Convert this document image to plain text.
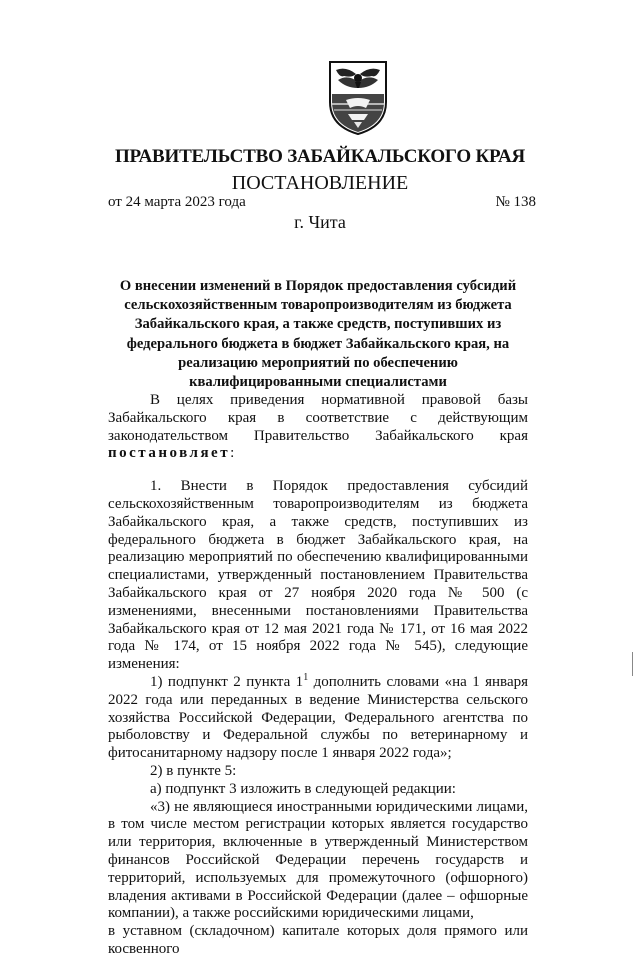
ПРАВИТЕЛЬСТВО ЗАБАЙКАЛЬСКОГО КРАЯ
ПОСТАНОВЛЕНИЕ
от 24 марта 2023 года	№ 138
г. Чита
О внесении изменений в Порядок предоставления субсидий сельскохозяйственным товаропроизводителям из бюджета Забайкальского края, а также средств, поступивших из федерального бюджета в бюджет Забайкальского края, на реализацию мероприятий по обеспечению квалифицированными специалистами

В целях приведения нормативной правовой базы Забайкальского края в соответствие с действующим законодательством Правительство Забайкальского края постановляет:

1. Внести в Порядок предоставления субсидий сельскохозяйственным товаропроизводителям из бюджета Забайкальского края, а также средств, поступивших из федерального бюджета в бюджет Забайкальского края, на реализацию мероприятий по обеспечению квалифицированными специалистами, утвержденный постановлением Правительства Забайкальского края от 27 ноября 2020 года № 500 (с изменениями, внесенными постановлениями Правительства Забайкальского края от 12 мая 2021 года № 171, от 16 мая 2022 года № 174, от 15 ноября 2022 года № 545), следующие изменения:

1) подпункт 2 пункта $1^1$ дополнить словами «на 1 января 2022 года или переданных в ведение Министерства сельского хозяйства Российской Федерации, Федерального агентства по рыболовству и Федеральной службы по ветеринарному и фитосанитарному надзору после 1 января 2022 года»;

2) в пункте 5:

а) подпункт 3 изложить в следующей редакции:

«3) не являющиеся иностранными юридическими лицами, в том числе местом регистрации которых является государство или территория, включенные в утвержденный Министерством финансов Российской Федерации перечень государств и территорий, используемых для промежуточного (офшорного) владения активами в Российской Федерации (далее – офшорные компании), а также российскими юридическими лицами,

в уставном (складочном) капитале которых доля прямого или косвенного
